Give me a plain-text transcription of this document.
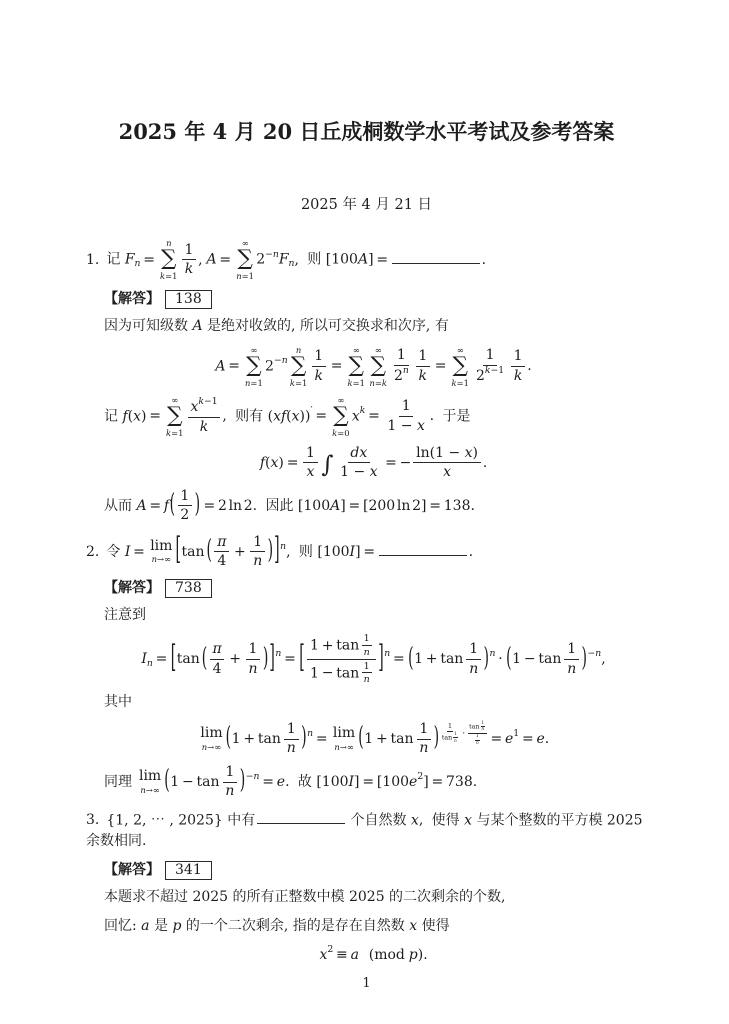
2025 年 4 月 20 日丘成桐数学水平考试及参考答案
2025 年 4 月 21 日
1. 记 Fn =
n
∑
$k=1 \frac{1}{k}$ , A =
∞
∑
n=1
2−nFn, 则 [100A] =	.
【解答】 138
因为可知级数 A 是绝对收敛的, 所以可交换求和次序, 有
A =
∞
∑
n=1
2−n
n
∑
$k=1 \frac{1}{k}$ =
∞
∑
k=1
∞
∑
$n=k \frac{1}{2n} \frac{1}{k}$ =
∞
∑
$k=1 \frac{1}{2k-1} \frac{1}{k}$ .
记 f(x) =
∞
∑
$k=1 \frac{xk-1}{k}$ , 则有 (xf(x))′ =
∞
∑
k=0
xk = $\frac{1}{1 - x}$ . 于是
$f(x) = \frac{1}{x}$ ∫ $\frac{dx}{1 - x}$ = − $\frac{\ln(1 - x)}{x}$ .
从而 $A = f( \frac{1}{2}$ ) = 2 ln 2. 因此 [100A] = [200 ln 2] = 138.
2. 令 I = lim
n→∞ [tan ( $\frac{\pi}{4} + \frac{1}{n} )]n$, 则 [100I] =	.
【解答】 738
注意到
In = [tan ( $\frac{\pi}{4} + \frac{1}{n} )]n$ = [ $\frac{1 + \tan \frac{1}{n}}{1 - \tan \frac{1}{n}} ]n = (1 + \tan \frac{1}{n} )n \cdot (1 - \tan \frac{1}{n} )-n$,
其中
lim
n→∞ $(1 + \tan \frac{1}{n} )n = \lim$
n→∞ ($1 + \tan \frac{1}{n}$ ) $\frac{1}{\tan \frac{1}{n}} \cdot \frac{\tan \frac{1}{n}}{\frac{1}{n}} = e1 = e$.
同理 lim
n→∞ $(1 - \tan \frac{1}{n} )-n = e$. 故 [100I] = [100e2] = 738.
3. {1, 2, ⋯ , 2025} 中有	个自然数 x, 使得 x 与某个整数的平方模 2025 余数相同.
【解答】 341
本题求不超过 2025 的所有正整数中模 2025 的二次剩余的个数,
回忆: a 是 p 的一个二次剩余, 指的是存在自然数 x 使得
x2 ≡ a (mod p).
1
